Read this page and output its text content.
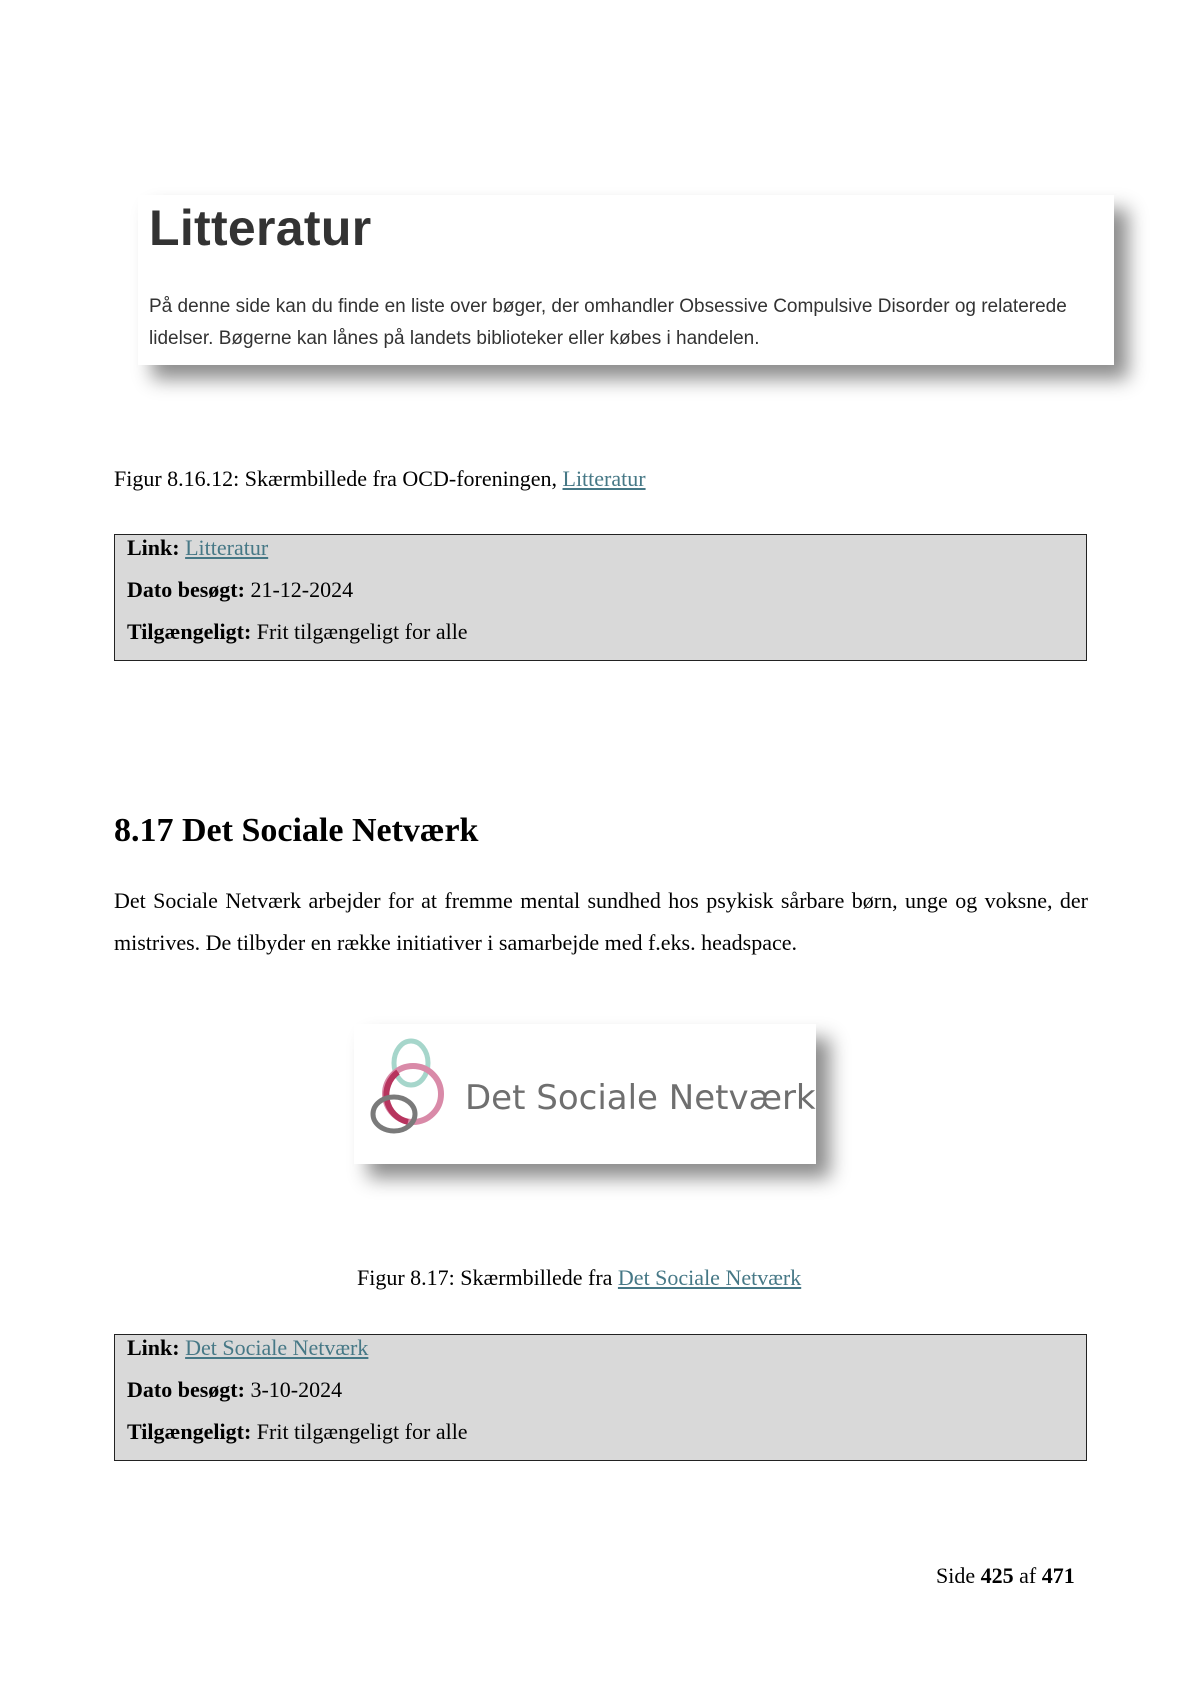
Litteratur
På denne side kan du finde en liste over bøger, der omhandler Obsessive Compulsive Disorder og relaterede lidelser. Bøgerne kan lånes på landets biblioteker eller købes i handelen.
Figur 8.16.12: Skærmbillede fra OCD-foreningen, Litteratur
Link: Litteratur
Dato besøgt: 21-12-2024
Tilgængeligt: Frit tilgængeligt for alle
8.17 Det Sociale Netværk
Det Sociale Netværk arbejder for at fremme mental sundhed hos psykisk sårbare børn, unge og voksne, der mistrives. De tilbyder en række initiativer i samarbejde med f.eks. headspace.
Det Sociale Netværk
Figur 8.17: Skærmbillede fra Det Sociale Netværk
Link: Det Sociale Netværk
Dato besøgt: 3-10-2024
Tilgængeligt: Frit tilgængeligt for alle
Side 425 af 471
